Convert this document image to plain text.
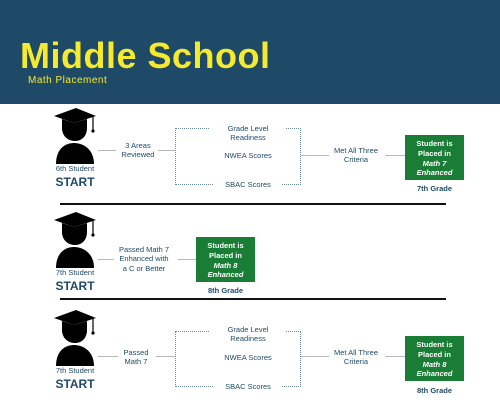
Middle School
Math Placement
6th Student
START
3 Areas
Reviewed
Grade Level
Readiness
NWEA Scores
SBAC Scores
Met All Three
Criteria
Student is
Placed in
Math 7
Enhanced
7th Grade
7th Student
START
Passed Math 7
Enhanced with
a C or Better
Student is
Placed in
Math 8
Enhanced
8th Grade
7th Student
START
Passed
Math 7
Grade Level
Readiness
NWEA Scores
SBAC Scores
Met All Three
Criteria
Student is
Placed in
Math 8
Enhanced
8th Grade
